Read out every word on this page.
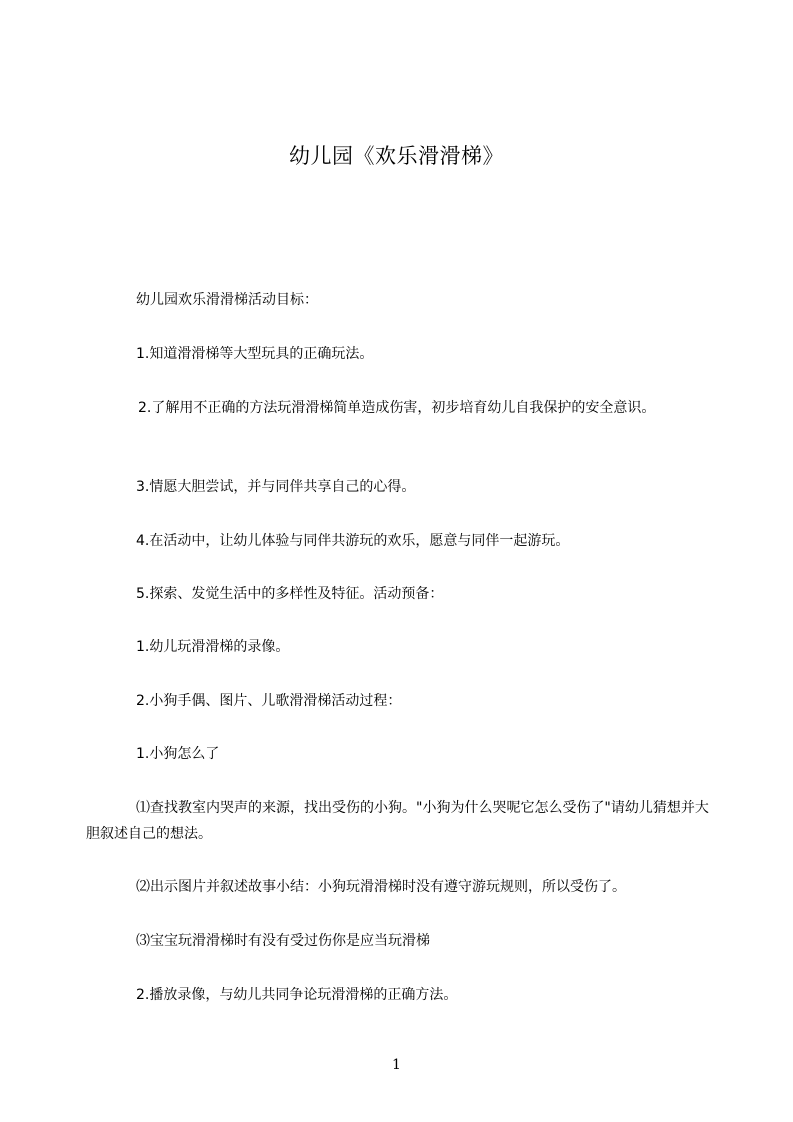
幼儿园《欢乐滑滑梯》
幼儿园欢乐滑滑梯活动目标：
1.知道滑滑梯等大型玩具的正确玩法。
2.了解用不正确的方法玩滑滑梯简单造成伤害，初步培育幼儿自我保护的安全意识。
3.情愿大胆尝试，并与同伴共享自己的心得。
4.在活动中，让幼儿体验与同伴共游玩的欢乐，愿意与同伴一起游玩。
5.探索、发觉生活中的多样性及特征。活动预备：
1.幼儿玩滑滑梯的录像。
2.小狗手偶、图片、儿歌滑滑梯活动过程：
1.小狗怎么了
⑴查找教室内哭声的来源，找出受伤的小狗。"小狗为什么哭呢它怎么受伤了"请幼儿猜想并大胆叙述自己的想法。
⑵出示图片并叙述故事小结：小狗玩滑滑梯时没有遵守游玩规则，所以受伤了。
⑶宝宝玩滑滑梯时有没有受过伤你是应当玩滑梯
2.播放录像，与幼儿共同争论玩滑滑梯的正确方法。
1
